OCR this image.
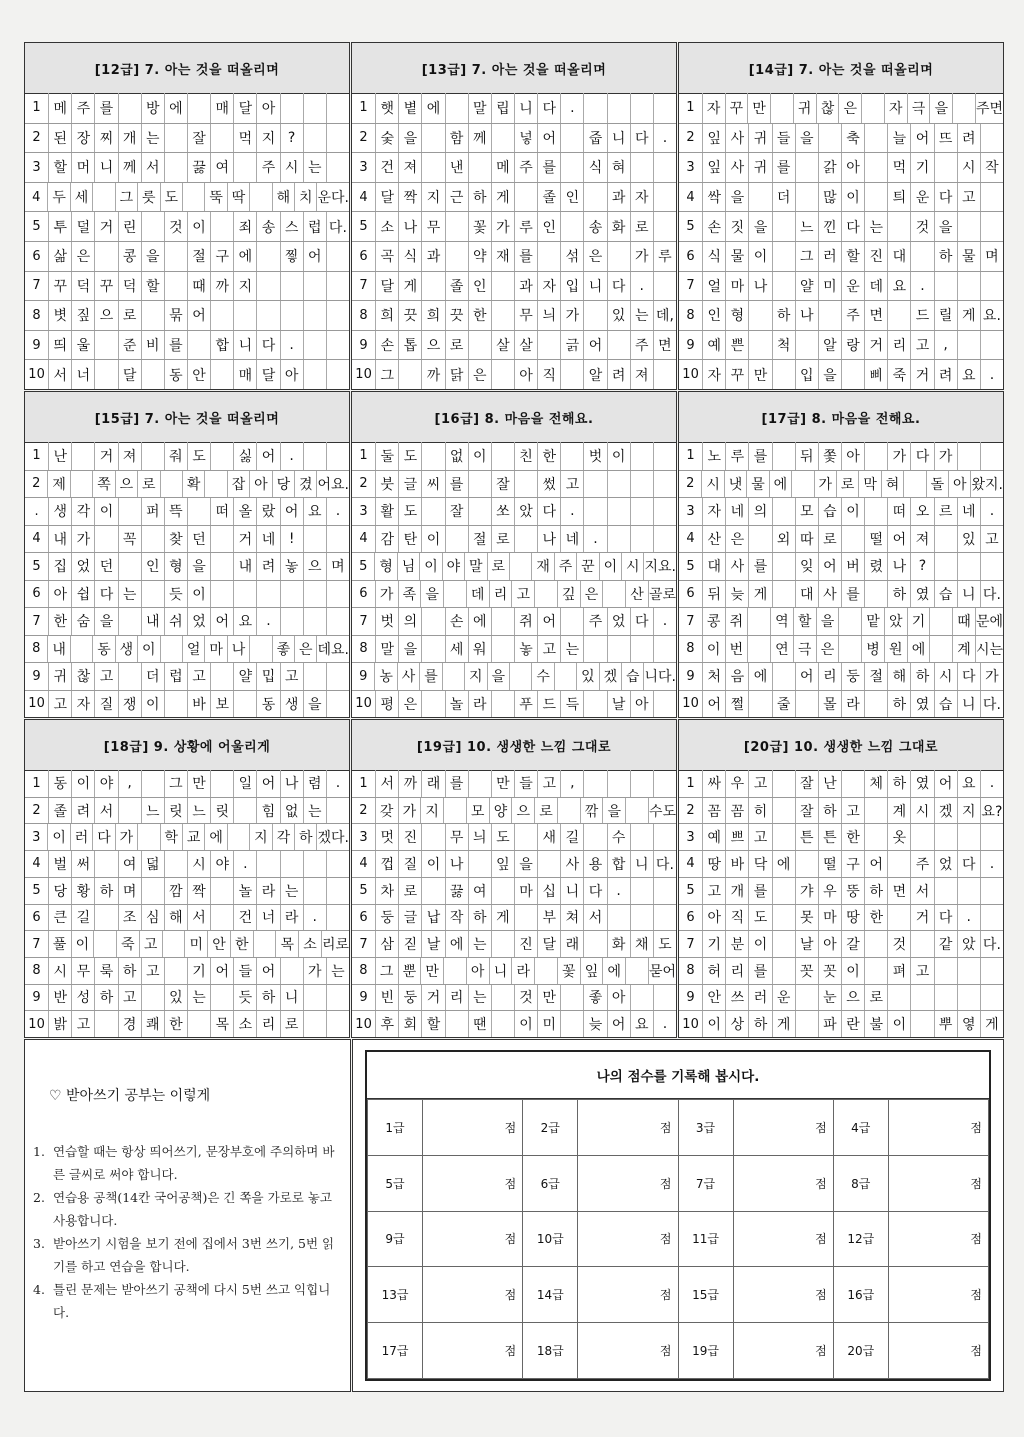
[12급] 7. 아는 것을 떠올리며
1 메 주 를	방 에	매 달 아
2 된 장 찌 개 는	잘	먹 지 ?
3 할 머 니 께 서	끓 여	주 시 는
4 두 세	그 릇 도	뚝 딱	해 치 운다.
5 투 덜 거 린	것 이	죄 송 스 럽 다.
6 삶 은	콩 을	절 구 에	찧 어
7 꾸 덕 꾸 덕 할	때 까 지
8 볏 짚 으 로	묶 어
9 띄 울	준 비 를	합 니 다	.
10 서 너	달	동 안	매 달 아
[13급] 7. 아는 것을 떠올리며
1 햇 볕 에	말 립 니 다	.
2 숯 을	함 께	넣 어	줍 니 다	.
3 건 져	낸	메 주 를	식 혀
4 달 짝 지 근 하 게	졸 인	과 자
5 소 나 무	꽃 가 루 인	송 화 로
6 곡 식 과	약 재 를	섞 은	가 루
7 달 게	졸 인	과 자 입 니 다	.
8 희 끗 희 끗 한	무 늬 가	있 는 데,
9 손 톱 으 로	살 살	긁 어	주 면
10 그	까 닭 은	아 직	알 려 져
[14급] 7. 아는 것을 떠올리며
1 자 꾸 만	귀 찮 은	자 극 을 주면
2 잎 사 귀 들 을	축	늘 어 뜨 려
3 잎 사 귀 를	갉 아	먹 기	시 작
4 싹 을	더	많 이	틔 운 다 고
5 손 짓 을	느 낀 다 는	것 을
6 식 물 이	그 러 할 진 대	하 물 며
7 얼 마 나	얄 미 운 데 요	.
8 인 형	하 나	주 면	드 릴 게 요.
9 예 쁜	척	알 랑 거 리 고	,
10 자 꾸 만	입 을	삐 죽 거 려 요	.
[15급] 7. 아는 것을 떠올리며
1 난	거 져	줘 도	싫 어	.
2 제	쪽 으 로	확	잡 아 당 겼 어요.
.	생 각 이	퍼 뜩	떠 올 랐 어 요	.
4 내 가	꼭	찾 던	거 네 !
5 집 었 던	인 형 을	내 려 놓 으 며
6 아 쉽 다 는	듯 이
7 한 숨 을	내 쉬 었 어 요	.
8 내	동 생 이	얼 마 나	좋 은 데요.
9 귀 찮 고	더 럽 고	얄 밉 고
10 고 자 질 쟁 이	바 보	동 생 을
[16급] 8. 마음을 전해요.
1 둘 도	없 이	친 한	벗 이
2 붓 글 씨 를	잘	썼 고
3 활 도	잘	쏘 았 다	.
4 감 탄 이	절 로	나 네	.
5 형 님 이 야 말 로	재 주 꾼 이 시 지요.
6 가 족 을	데 리 고	깊 은	산 골로
7 벗 의	손 에	쥐 어	주 었 다	.
8 말 을	세 워	놓 고 는
9 농 사 를	지 을	수	있 겠 습 니다.
10 평 은	놀 라	푸 드 득	날 아
[17급] 8. 마음을 전해요.
1 노 루 를	뒤 쫓 아	가 다 가
2 시 냇 물 에	가 로 막 혀	돌 아 왔지.
3 자 네 의	모 습 이	떠 오 르 네	.
4 산 은	외 따 로	떨 어 져	있 고
5 대 사 를	잊 어 버 렸 나 ?
6 뒤 늦 게	대 사 를	하 였 습 니 다.
7 콩 쥐	역 할 을	맡 았 기	때 문에
8 이 번	연 극 은	병 원 에	계 시는
9 처 음 에	어 리 둥 절 해 하 시 다 가
10 어 쩔	줄	몰 라	하 였 습 니 다.
[18급] 9. 상황에 어울리게
1 동 이 야	,	그 만	일 어 나 렴	.
2 졸 려 서	느 릿 느 릿	힘 없 는
3 이 러 다 가	학 교 에	지 각 하 겠다.
4 벌 써	여 덟	시 야	.
5 당 황 하 며	깜 짝	놀 라 는
6 큰 길	조 심 해 서	건 너 라	.
7 풀 이	죽 고	미 안 한	목 소 리로
8 시 무 룩 하 고	기 어 들 어	가 는
9 반 성 하 고	있 는	듯 하 니
10 밝 고	경 쾌 한	목 소 리 로
[19급] 10. 생생한 느낌 그대로
1 서 까 래 를	만 들 고	,
2 갖 가 지	모 양 으 로	깎 을 수도
3 멋 진	무 늬 도	새 길	수
4 껍 질 이 나	잎 을	사 용 합 니 다.
5 차 로	끓 여	마 십 니 다	.
6 둥 글 납 작 하 게	부 쳐 서
7 삼 짇 날 에 는	진 달 래	화 채 도
8 그 뿐 만	아 니 라	꽃 잎 에 묻어
9 빈 둥 거 리 는	것 만	좋 아
10 후 회 할	땐	이 미	늦 어 요	.
[20급] 10. 생생한 느낌 그대로
1 싸 우 고	잘 난	체 하 였 어 요	.
2 꼼 꼼 히	잘 하 고	계 시 겠 지 요?
3 예 쁘 고	튼 튼 한	옷
4 땅 바 닥 에	떨 구 어	주 었 다	.
5 고 개 를	갸 우 뚱 하 면 서
6 아 직 도	못 마 땅 한	거 다	.
7 기 분 이	날 아 갈	것	같 았 다.
8 허 리 를	꼿 꼿 이	펴 고
9 안 쓰 러 운	눈 으 로
10 이 상 하 게	파 란 불 이	뿌 옇 게
♡ 받아쓰기 공부는 이렇게
1. 연습할 때는 항상 띄어쓰기, 문장부호에 주의하며 바른 글씨로 써야 합니다.
2. 연습용 공책(14칸 국어공책)은 긴 쪽을 가로로 놓고 사용합니다.
3. 받아쓰기 시험을 보기 전에 집에서 3번 쓰기, 5번 읽기를 하고 연습을 합니다.
4. 틀린 문제는 받아쓰기 공책에 다시 5번 쓰고 익힙니다.
나의 점수를 기록해 봅시다.
1급	점	2급	점	3급	점	4급	점
5급	점	6급	점	7급	점	8급	점
9급	점	10급	점	11급	점	12급	점
13급	점	14급	점	15급	점	16급	점
17급	점	18급	점	19급	점	20급	점
